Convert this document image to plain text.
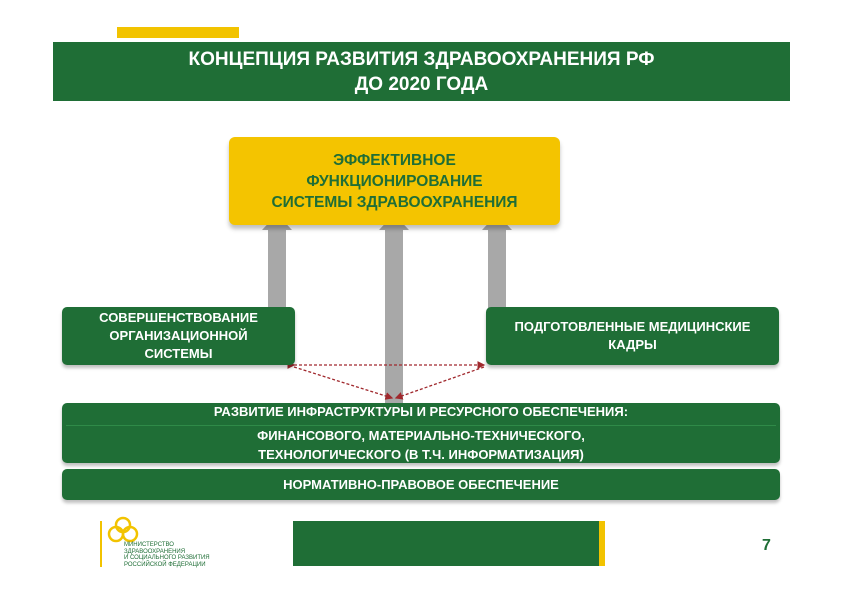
КОНЦЕПЦИЯ РАЗВИТИЯ ЗДРАВООХРАНЕНИЯ РФ
ДО 2020 ГОДА
ЭФФЕКТИВНОЕ
ФУНКЦИОНИРОВАНИЕ
СИСТЕМЫ ЗДРАВООХРАНЕНИЯ
СОВЕРШЕНСТВОВАНИЕ
ОРГАНИЗАЦИОННОЙ
СИСТЕМЫ
ПОДГОТОВЛЕННЫЕ МЕДИЦИНСКИЕ
КАДРЫ
РАЗВИТИЕ ИНФРАСТРУКТУРЫ И РЕСУРСНОГО ОБЕСПЕЧЕНИЯ:
ФИНАНСОВОГО, МАТЕРИАЛЬНО-ТЕХНИЧЕСКОГО,
ТЕХНОЛОГИЧЕСКОГО (В Т.Ч. ИНФОРМАТИЗАЦИЯ)
НОРМАТИВНО-ПРАВОВОЕ ОБЕСПЕЧЕНИЕ
МИНИСТЕРСТВО
ЗДРАВООХРАНЕНИЯ
И СОЦИАЛЬНОГО РАЗВИТИЯ
РОССИЙСКОЙ ФЕДЕРАЦИИ
7
